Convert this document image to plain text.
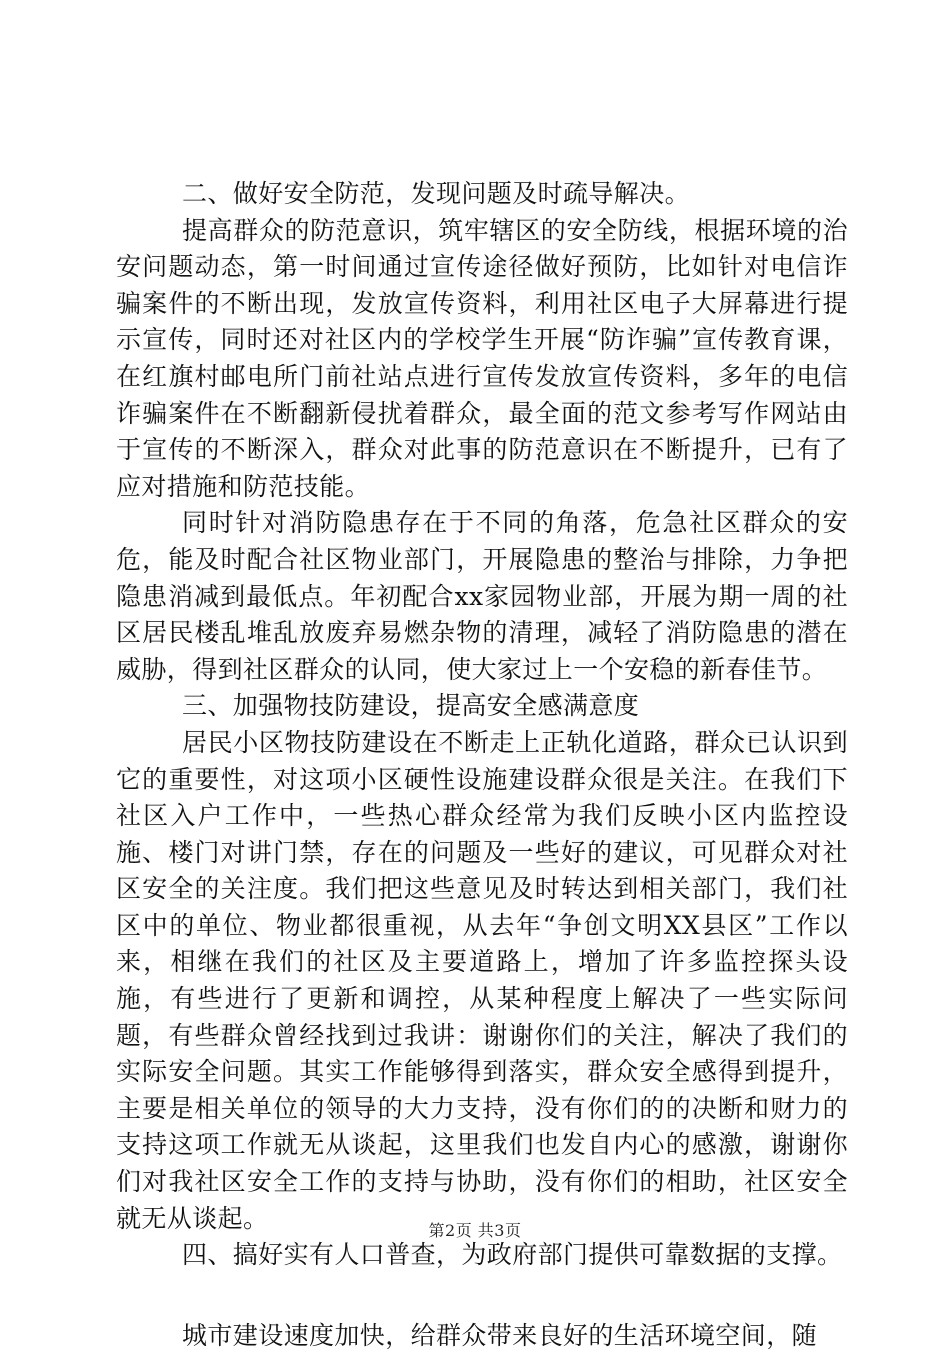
二、做好安全防范，发现问题及时疏导解决。

提高群众的防范意识，筑牢辖区的安全防线，根据环境的治安问题动态，第一时间通过宣传途径做好预防，比如针对电信诈骗案件的不断出现，发放宣传资料，利用社区电子大屏幕进行提示宣传，同时还对社区内的学校学生开展“防诈骗”宣传教育课，在红旗村邮电所门前社站点进行宣传发放宣传资料，多年的电信诈骗案件在不断翻新侵扰着群众，最全面的范文参考写作网站由于宣传的不断深入，群众对此事的防范意识在不断提升，已有了应对措施和防范技能。

同时针对消防隐患存在于不同的角落，危急社区群众的安危，能及时配合社区物业部门，开展隐患的整治与排除，力争把隐患消减到最低点。年初配合xx家园物业部，开展为期一周的社区居民楼乱堆乱放废弃易燃杂物的清理，减轻了消防隐患的潜在威胁，得到社区群众的认同，使大家过上一个安稳的新春佳节。

三、加强物技防建设，提高安全感满意度

居民小区物技防建设在不断走上正轨化道路，群众已认识到它的重要性，对这项小区硬性设施建设群众很是关注。在我们下社区入户工作中，一些热心群众经常为我们反映小区内监控设施、楼门对讲门禁，存在的问题及一些好的建议，可见群众对社区安全的关注度。我们把这些意见及时转达到相关部门，我们社区中的单位、物业都很重视，从去年“争创文明XX县区”工作以来，相继在我们的社区及主要道路上，增加了许多监控探头设施，有些进行了更新和调控，从某种程度上解决了一些实际问题，有些群众曾经找到过我讲：谢谢你们的关注，解决了我们的实际安全问题。其实工作能够得到落实，群众安全感得到提升，主要是相关单位的领导的大力支持，没有你们的的决断和财力的支持这项工作就无从谈起，这里我们也发自内心的感激，谢谢你们对我社区安全工作的支持与协助，没有你们的相助，社区安全就无从谈起。

四、搞好实有人口普查，为政府部门提供可靠数据的支撑。

城市建设速度加快，给群众带来良好的生活环境空间，随

第2页 共3页
